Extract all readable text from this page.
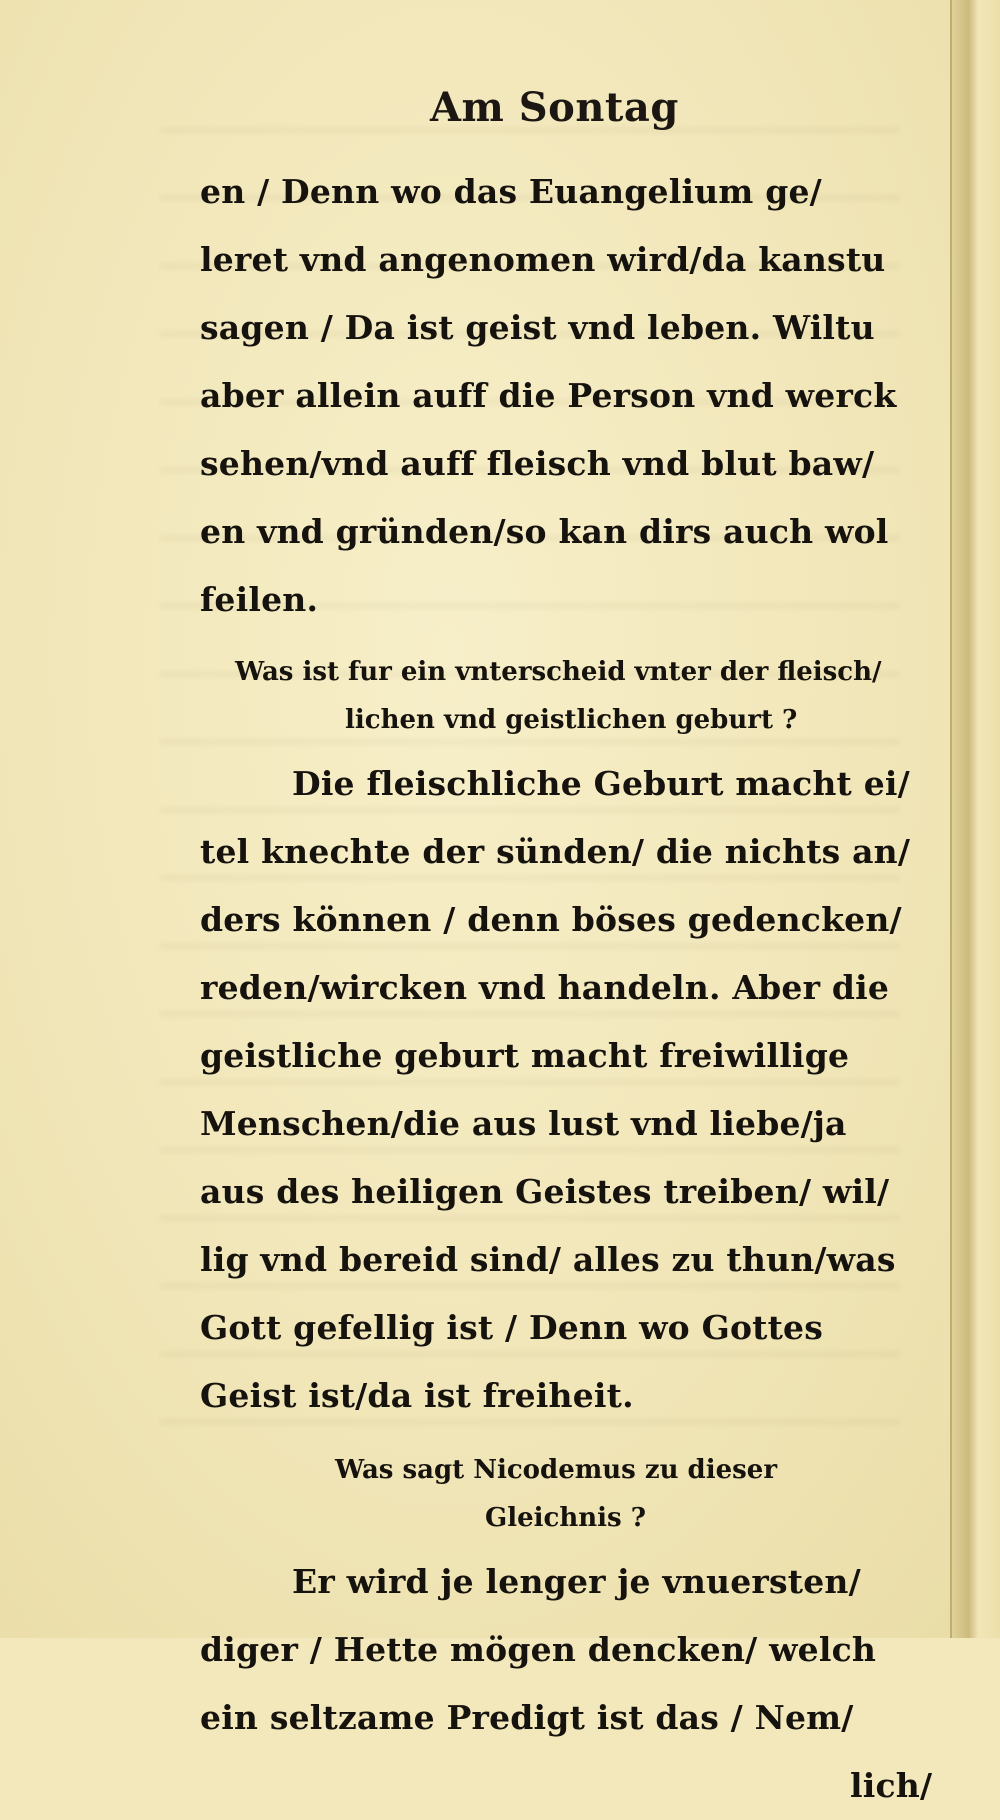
Am Sontag
en / Denn wo das Euangelium ge/
leret vnd angenomen wird/da kanstu
sagen / Da ist geist vnd leben. Wiltu
aber allein auff die Person vnd werck
sehen/vnd auff fleisch vnd blut baw/
en vnd gründen/so kan dirs auch wol
feilen.
Was ist fur ein vnterscheid vnter der fleisch/
lichen vnd geistlichen geburt ?
Die fleischliche Geburt macht ei/
tel knechte der sünden/ die nichts an/
ders können / denn böses gedencken/
reden/wircken vnd handeln. Aber die
geistliche geburt macht freiwillige
Menschen/die aus lust vnd liebe/ja
aus des heiligen Geistes treiben/ wil/
lig vnd bereid sind/ alles zu thun/was
Gott gefellig ist / Denn wo Gottes
Geist ist/da ist freiheit.
Was sagt Nicodemus zu dieser
Gleichnis ?
Er wird je lenger je vnuersten/
diger / Hette mögen dencken/ welch
ein seltzame Predigt ist das / Nem/
lich/
